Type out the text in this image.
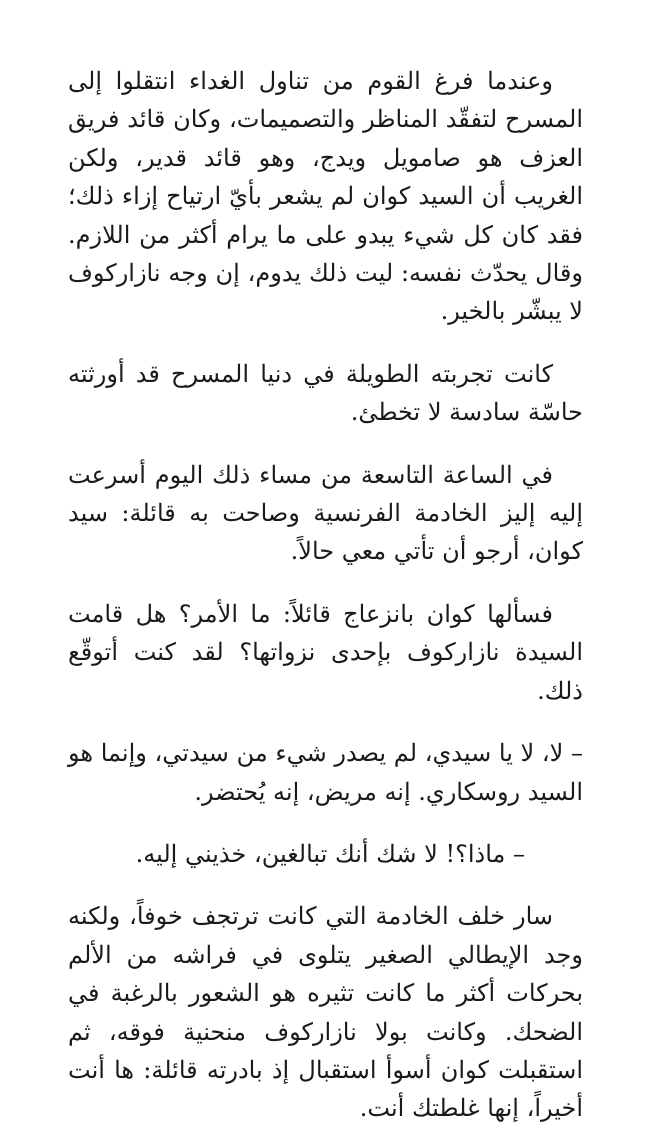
وعندما فرغ القوم من تناول الغداء انتقلوا إلى المسرح لتفقّد المناظر والتصميمات، وكان قائد فريق العزف هو صامويل ويدج، وهو قائد قدير، ولكن الغريب أن السيد كوان لم يشعر بأيّ ارتياح إزاء ذلك؛ فقد كان كل شيء يبدو على ما يرام أكثر من اللازم. وقال يحدّث نفسه: ليت ذلك يدوم، إن وجه نازاركوف لا يبشّر بالخير.

كانت تجربته الطويلة في دنيا المسرح قد أورثته حاسّة سادسة لا تخطئ.

في الساعة التاسعة من مساء ذلك اليوم أسرعت إليه إليز الخادمة الفرنسية وصاحت به قائلة: سيد كوان، أرجو أن تأتي معي حالاً.

فسألها كوان بانزعاج قائلاً: ما الأمر؟ هل قامت السيدة نازاركوف بإحدى نزواتها؟ لقد كنت أتوقّع ذلك.

– لا، لا يا سيدي، لم يصدر شيء من سيدتي، وإنما هو السيد روسكاري. إنه مريض، إنه يُحتضر.

– ماذا؟! لا شك أنك تبالغين، خذيني إليه.

سار خلف الخادمة التي كانت ترتجف خوفاً، ولكنه وجد الإيطالي الصغير يتلوى في فراشه من الألم بحركات أكثر ما كانت تثيره هو الشعور بالرغبة في الضحك. وكانت بولا نازاركوف منحنية فوقه، ثم استقبلت كوان أسوأ استقبال إذ بادرته قائلة: ها أنت أخيراً، إنها غلطتك أنت.
